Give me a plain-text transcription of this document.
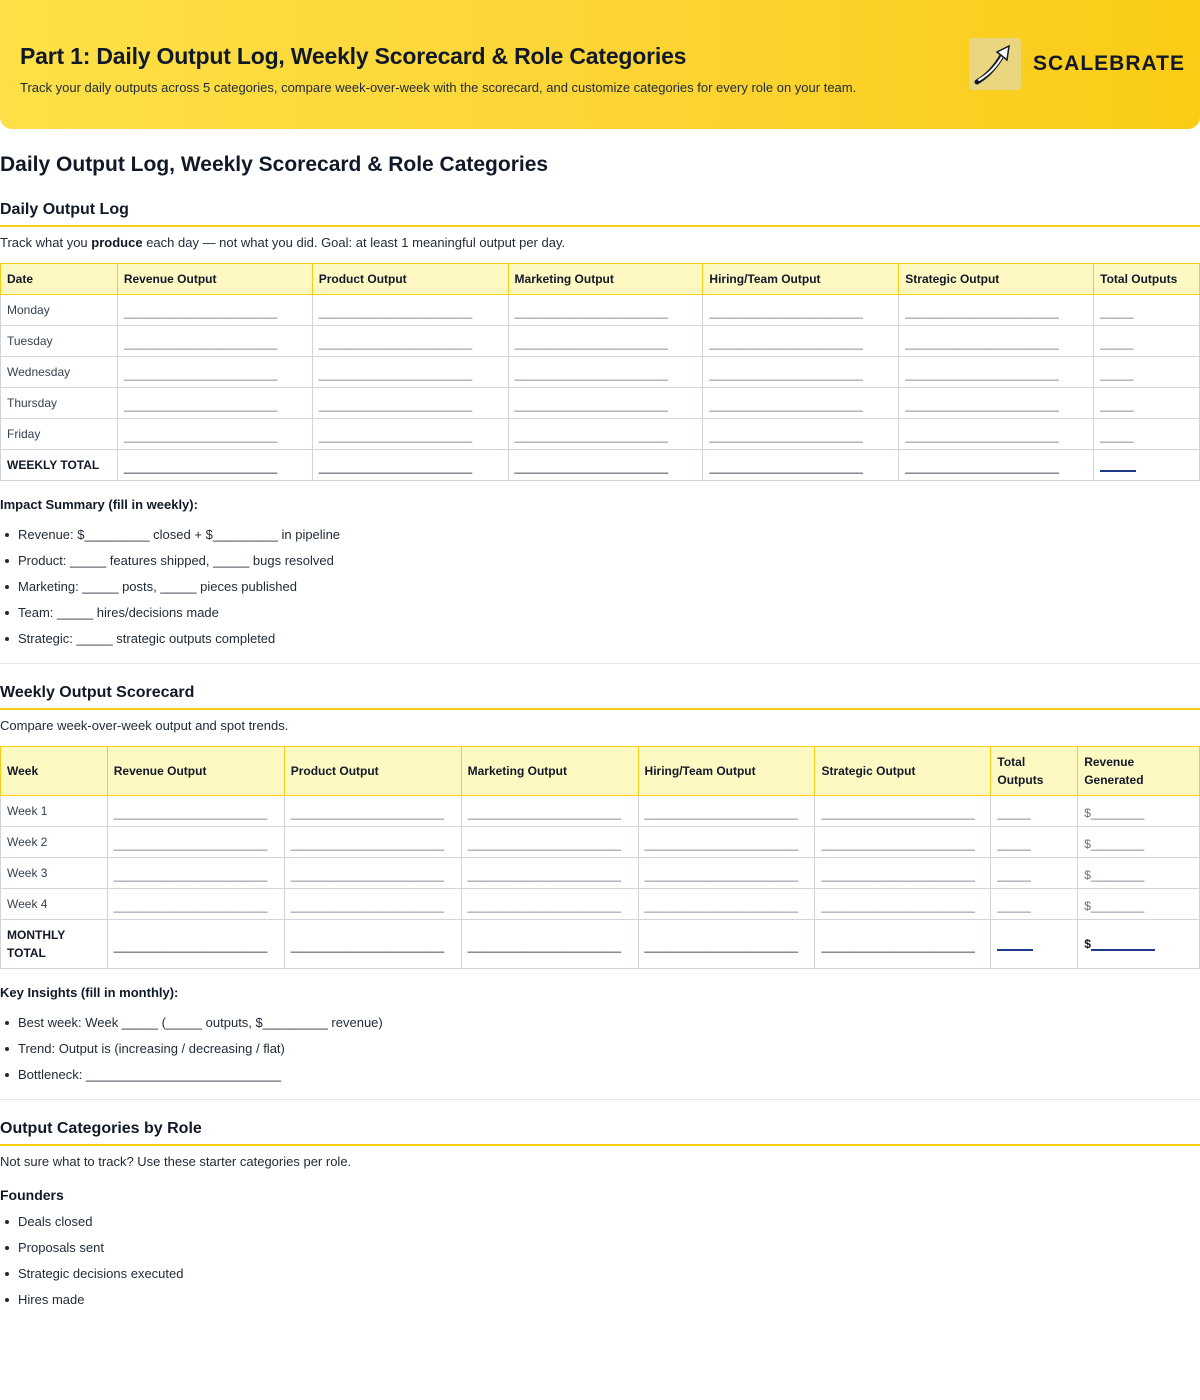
Part 1: Daily Output Log, Weekly Scorecard & Role Categories
Track your daily outputs across 5 categories, compare week-over-week with the scorecard, and customize categories for every role on your team.
SCALEBRATE
Daily Output Log, Weekly Scorecard & Role Categories
Daily Output Log
Track what you produce each day — not what you did. Goal: at least 1 meaningful output per day.
Date	Revenue Output	Product Output	Marketing Output	Hiring/Team Output	Strategic Output	Total Outputs
Monday	_______________________	_______________________	_______________________	_______________________	_______________________	_____
Tuesday	_______________________	_______________________	_______________________	_______________________	_______________________	_____
Wednesday	_______________________	_______________________	_______________________	_______________________	_______________________	_____
Thursday	_______________________	_______________________	_______________________	_______________________	_______________________	_____
Friday	_______________________	_______________________	_______________________	_______________________	_______________________	_____
WEEKLY TOTAL	_______________________	_______________________	_______________________	_______________________	_______________________	
Impact Summary (fill in weekly):
Revenue: $_________ closed + $_________ in pipeline
Product: _____ features shipped, _____ bugs resolved
Marketing: _____ posts, _____ pieces published
Team: _____ hires/decisions made
Strategic: _____ strategic outputs completed
Weekly Output Scorecard
Compare week-over-week output and spot trends.
Week	Revenue Output	Product Output	Marketing Output	Hiring/Team Output	Strategic Output	Total Outputs	Revenue Generated
Week 1	_______________________	_______________________	_______________________	_______________________	_______________________	_____	$________
Week 2	_______________________	_______________________	_______________________	_______________________	_______________________	_____	$________
Week 3	_______________________	_______________________	_______________________	_______________________	_______________________	_____	$________
Week 4	_______________________	_______________________	_______________________	_______________________	_______________________	_____	$________
MONTHLY
TOTAL	_______________________	_______________________	_______________________	_______________________	_______________________		$
Key Insights (fill in monthly):
Best week: Week _____ (_____ outputs, $_________ revenue)
Trend: Output is (increasing / decreasing / flat)
Bottleneck: ___________________________
Output Categories by Role
Not sure what to track? Use these starter categories per role.
Founders
Deals closed
Proposals sent
Strategic decisions executed
Hires made
